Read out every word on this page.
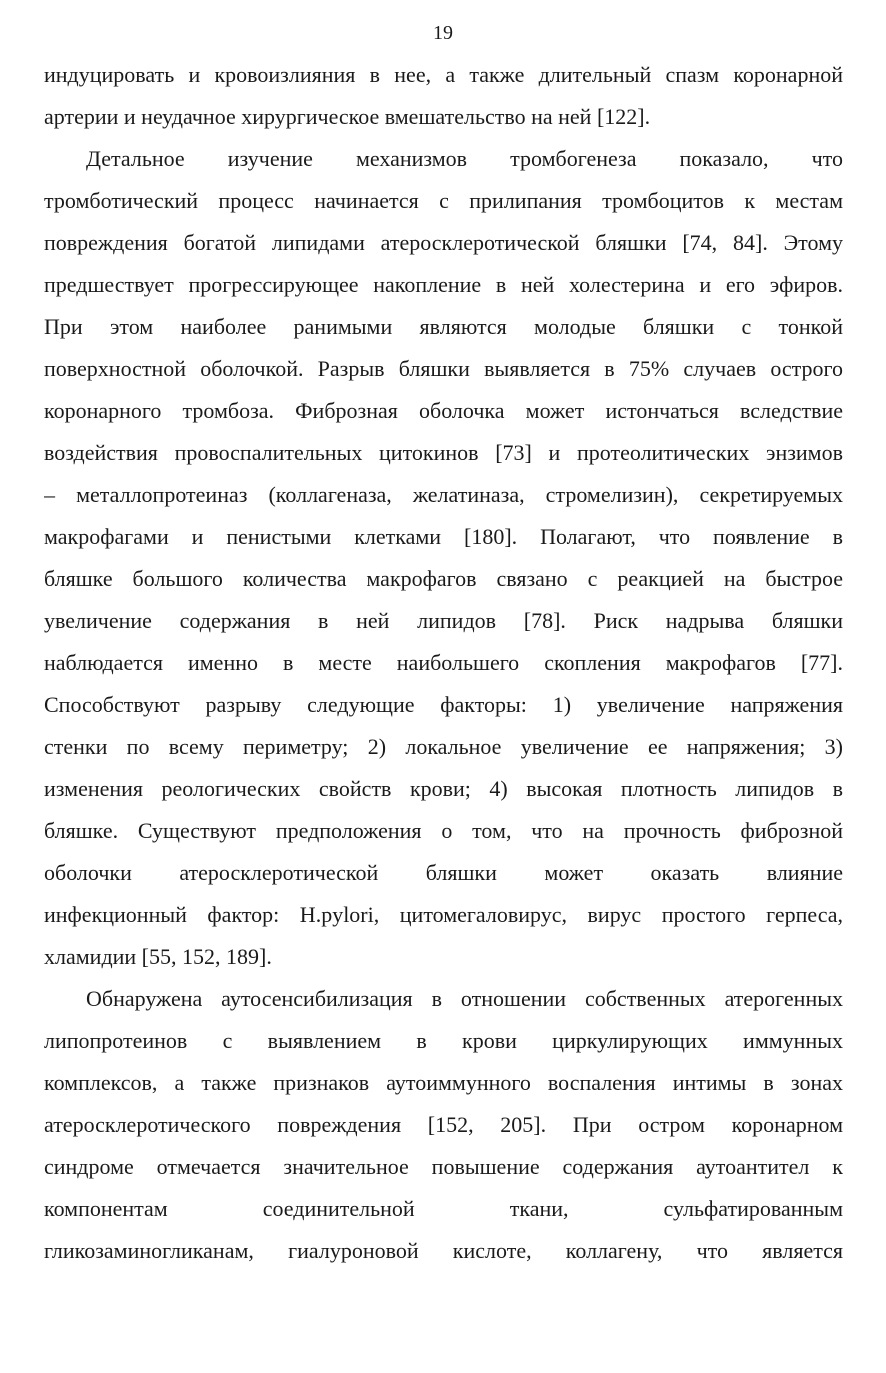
19
индуцировать и кровоизлияния в нее, а также длительный спазм коронарной
артерии и неудачное хирургическое вмешательство на ней [122].
Детальное изучение механизмов тромбогенеза показало, что
тромботический процесс начинается с прилипания тромбоцитов к местам
повреждения богатой липидами атеросклеротической бляшки [74, 84]. Этому
предшествует прогрессирующее накопление в ней холестерина и его эфиров.
При этом наиболее ранимыми являются молодые бляшки с тонкой
поверхностной оболочкой. Разрыв бляшки выявляется в 75% случаев острого
коронарного тромбоза. Фиброзная оболочка может истончаться вследствие
воздействия провоспалительных цитокинов [73] и протеолитических энзимов
– металлопротеиназ (коллагеназа, желатиназа, стромелизин), секретируемых
макрофагами и пенистыми клетками [180]. Полагают, что появление в
бляшке большого количества макрофагов связано с реакцией на быстрое
увеличение содержания в ней липидов [78]. Риск надрыва бляшки
наблюдается именно в месте наибольшего скопления макрофагов [77].
Способствуют разрыву следующие факторы: 1) увеличение напряжения
стенки по всему периметру; 2) локальное увеличение ее напряжения; 3)
изменения реологических свойств крови; 4) высокая плотность липидов в
бляшке. Существуют предположения о том, что на прочность фиброзной
оболочки атеросклеротической бляшки может оказать влияние
инфекционный фактор: H.pylori, цитомегаловирус, вирус простого герпеса,
хламидии [55, 152, 189].
Обнаружена аутосенсибилизация в отношении собственных атерогенных
липопротеинов с выявлением в крови циркулирующих иммунных
комплексов, а также признаков аутоиммунного воспаления интимы в зонах
атеросклеротического повреждения [152, 205]. При остром коронарном
синдроме отмечается значительное повышение содержания аутоантител к
компонентам соединительной ткани, сульфатированным
гликозаминогликанам, гиалуроновой кислоте, коллагену, что является
